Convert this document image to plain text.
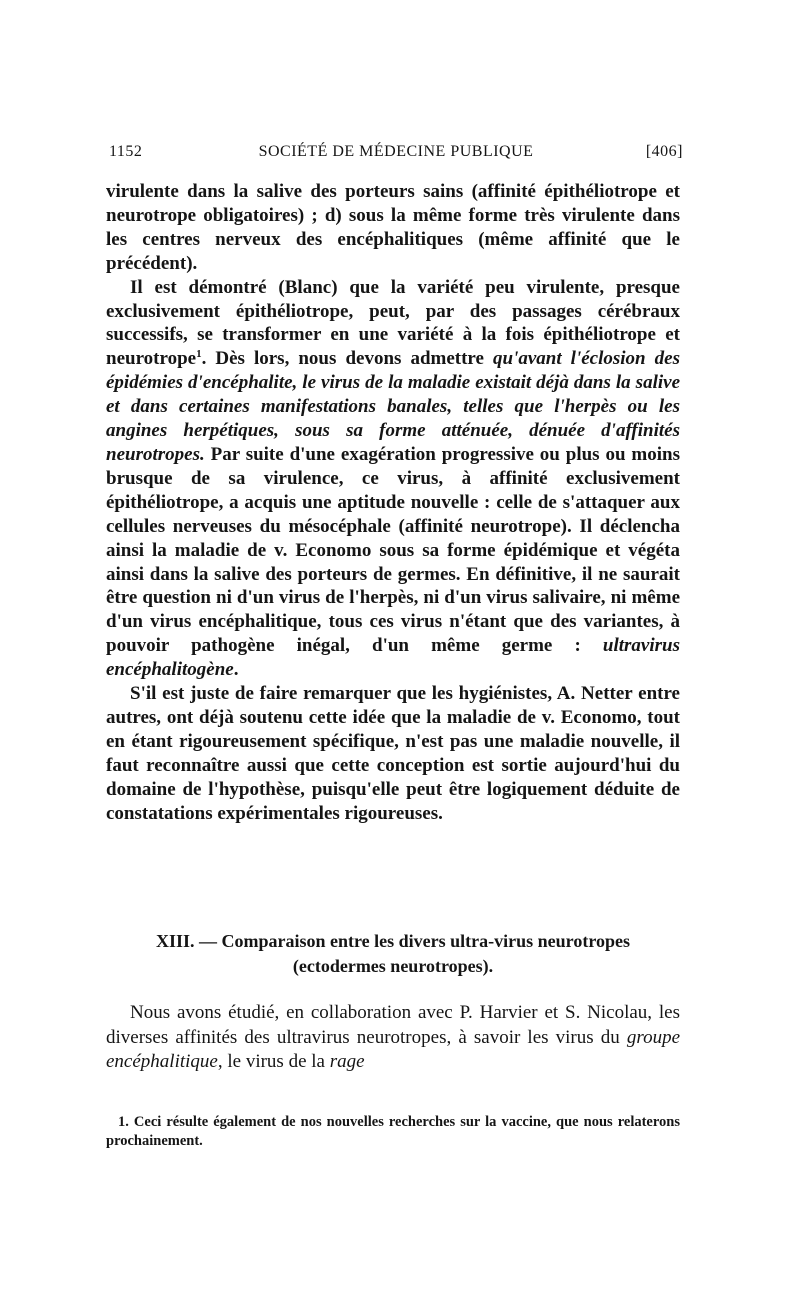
1152	SOCIÉTÉ DE MÉDECINE PUBLIQUE	[406]

virulente dans la salive des porteurs sains (affinité épithéliotrope et neurotrope obligatoires) ; d) sous la même forme très virulente dans les centres nerveux des encéphalitiques (même affinité que le précédent).

Il est démontré (Blanc) que la variété peu virulente, presque exclusivement épithéliotrope, peut, par des passages cérébraux successifs, se transformer en une variété à la fois épithéliotrope et neurotrope$^1$. Dès lors, nous devons admettre qu'avant l'éclosion des épidémies d'encéphalite, le virus de la maladie existait déjà dans la salive et dans certaines manifestations banales, telles que l'herpès ou les angines herpétiques, sous sa forme atténuée, dénuée d'affinités neurotropes. Par suite d'une exagération progressive ou plus ou moins brusque de sa virulence, ce virus, à affinité exclusivement épithéliotrope, a acquis une aptitude nouvelle : celle de s'attaquer aux cellules nerveuses du mésocéphale (affinité neurotrope). Il déclencha ainsi la maladie de v. Economo sous sa forme épidémique et végéta ainsi dans la salive des porteurs de germes. En définitive, il ne saurait être question ni d'un virus de l'herpès, ni d'un virus salivaire, ni même d'un virus encéphalitique, tous ces virus n'étant que des variantes, à pouvoir pathogène inégal, d'un même germe : ultravirus encéphalitogène.

S'il est juste de faire remarquer que les hygiénistes, A. Netter entre autres, ont déjà soutenu cette idée que la maladie de v. Economo, tout en étant rigoureusement spécifique, n'est pas une maladie nouvelle, il faut reconnaître aussi que cette conception est sortie aujourd'hui du domaine de l'hypothèse, puisqu'elle peut être logiquement déduite de constatations expérimentales rigoureuses.

XIII. — Comparaison entre les divers ultra-virus neurotropes
(ectodermes neurotropes).

Nous avons étudié, en collaboration avec P. Harvier et S. Nicolau, les diverses affinités des ultravirus neurotropes, à savoir les virus du groupe encéphalitique, le virus de la rage

1. Ceci résulte également de nos nouvelles recherches sur la vaccine, que nous relaterons prochainement.
